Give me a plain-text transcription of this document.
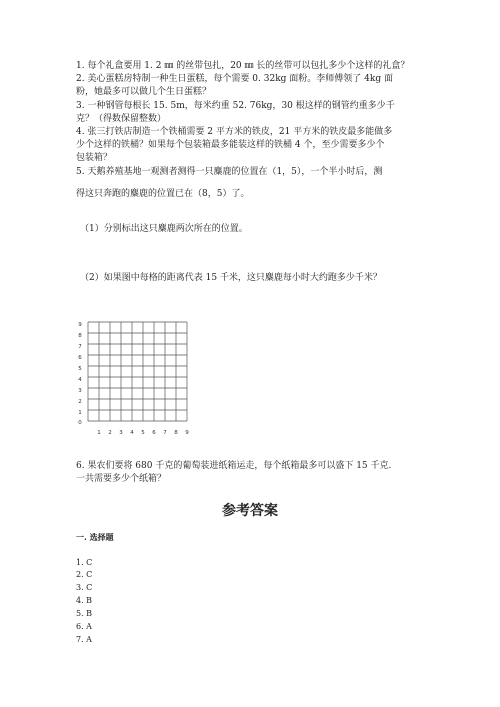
1. 每个礼盒要用 1. 2 ㎜ 的丝带包扎，20 ㎜ 长的丝带可以包扎多少个这样的礼盒？
2. 美心蛋糕房特制一种生日蛋糕，每个需要 0. 32kg 面粉。李师傅领了 4kg 面
粉，她最多可以做几个生日蛋糕？
3. 一种钢管每根长 15. 5m，每米约重 52. 76kg，30 根这样的钢管约重多少千
克？（得数保留整数）
4. 张三打铁店制造一个铁桶需要 2 平方米的铁皮，21 平方米的铁皮最多能做多
少个这样的铁桶？如果每个包装箱最多能装这样的铁桶 4 个，至少需要多少个
包装箱？
5. 天鹅养殖基地一观测者测得一只麋鹿的位置在（1，5），一个半小时后，测
得这只奔跑的麋鹿的位置已在（8，5）了。
（1）分别标出这只麋鹿两次所在的位置。
（2）如果图中每格的距离代表 15 千米，这只麋鹿每小时大约跑多少千米？
9
8
7
6
5
4
3
2
1
0
1 2 3 4 5 6 7 8 9
6. 果农们要将 680 千克的葡萄装进纸箱运走，每个纸箱最多可以盛下 15 千克.
一共需要多少个纸箱？
参考答案
一. 选择题
1. C
2. C
3. C
4. B
5. B
6. A
7. A
